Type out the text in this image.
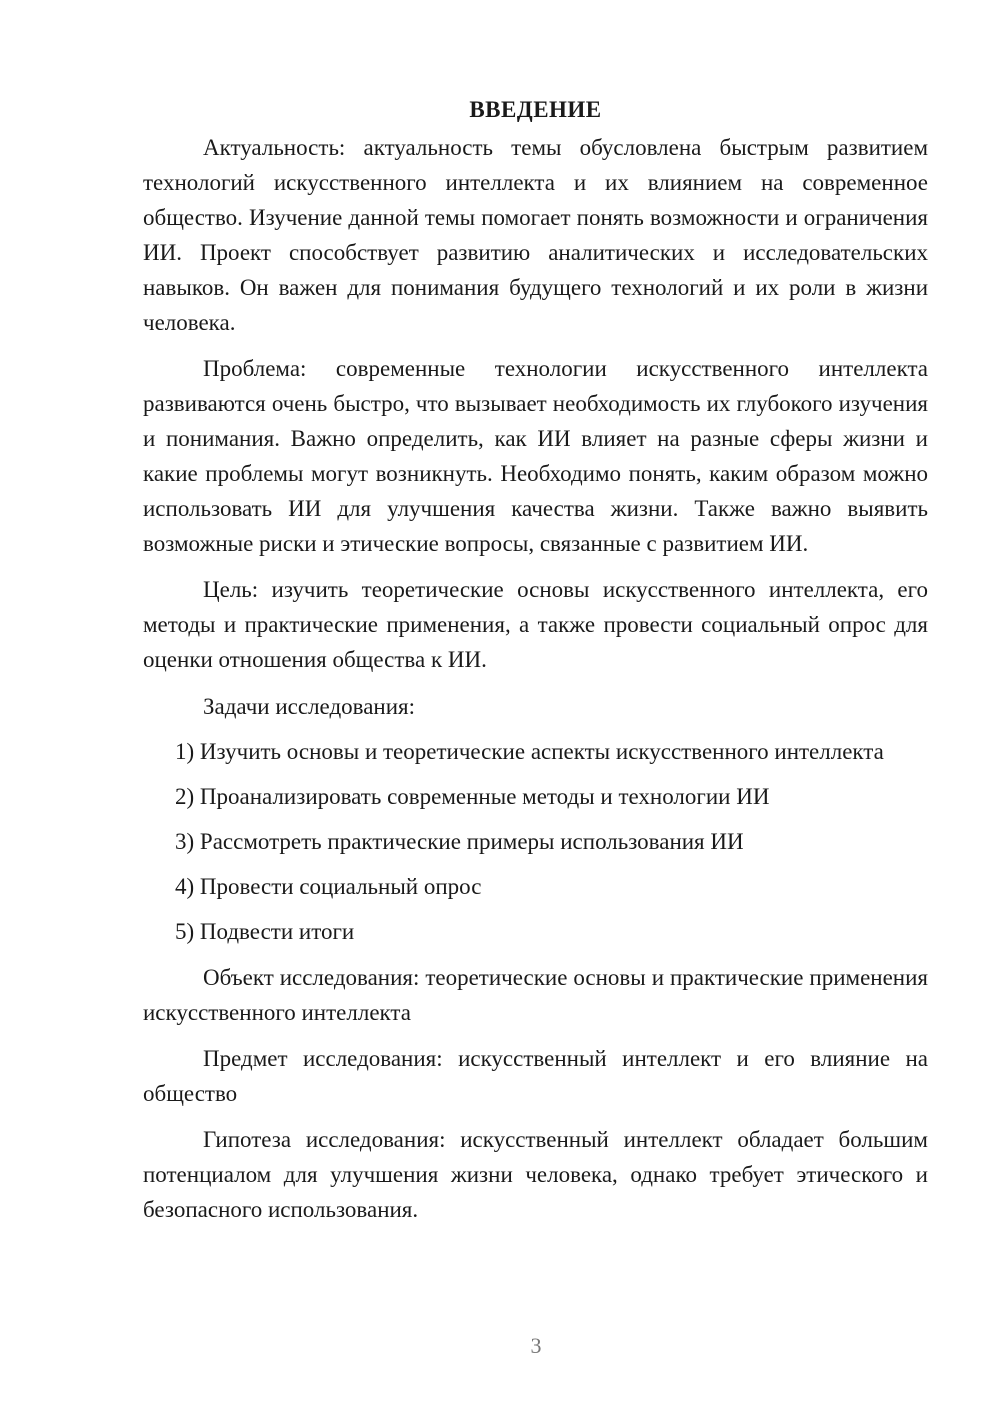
ВВЕДЕНИЕ

Актуальность: актуальность темы обусловлена быстрым развитием технологий искусственного интеллекта и их влиянием на современное общество. Изучение данной темы помогает понять возможности и ограничения ИИ. Проект способствует развитию аналитических и исследовательских навыков. Он важен для понимания будущего технологий и их роли в жизни человека.

Проблема: современные технологии искусственного интеллекта развиваются очень быстро, что вызывает необходимость их глубокого изучения и понимания. Важно определить, как ИИ влияет на разные сферы жизни и какие проблемы могут возникнуть. Необходимо понять, каким образом можно использовать ИИ для улучшения качества жизни. Также важно выявить возможные риски и этические вопросы, связанные с развитием ИИ.

Цель: изучить теоретические основы искусственного интеллекта, его методы и практические применения, а также провести социальный опрос для оценки отношения общества к ИИ.

Задачи исследования:

1) Изучить основы и теоретические аспекты искусственного интеллекта

2) Проанализировать современные методы и технологии ИИ

3) Рассмотреть практические примеры использования ИИ

4) Провести социальный опрос

5) Подвести итоги

Объект исследования: теоретические основы и практические применения искусственного интеллекта

Предмет исследования: искусственный интеллект и его влияние на общество

Гипотеза исследования: искусственный интеллект обладает большим потенциалом для улучшения жизни человека, однако требует этического и безопасного использования.

3
